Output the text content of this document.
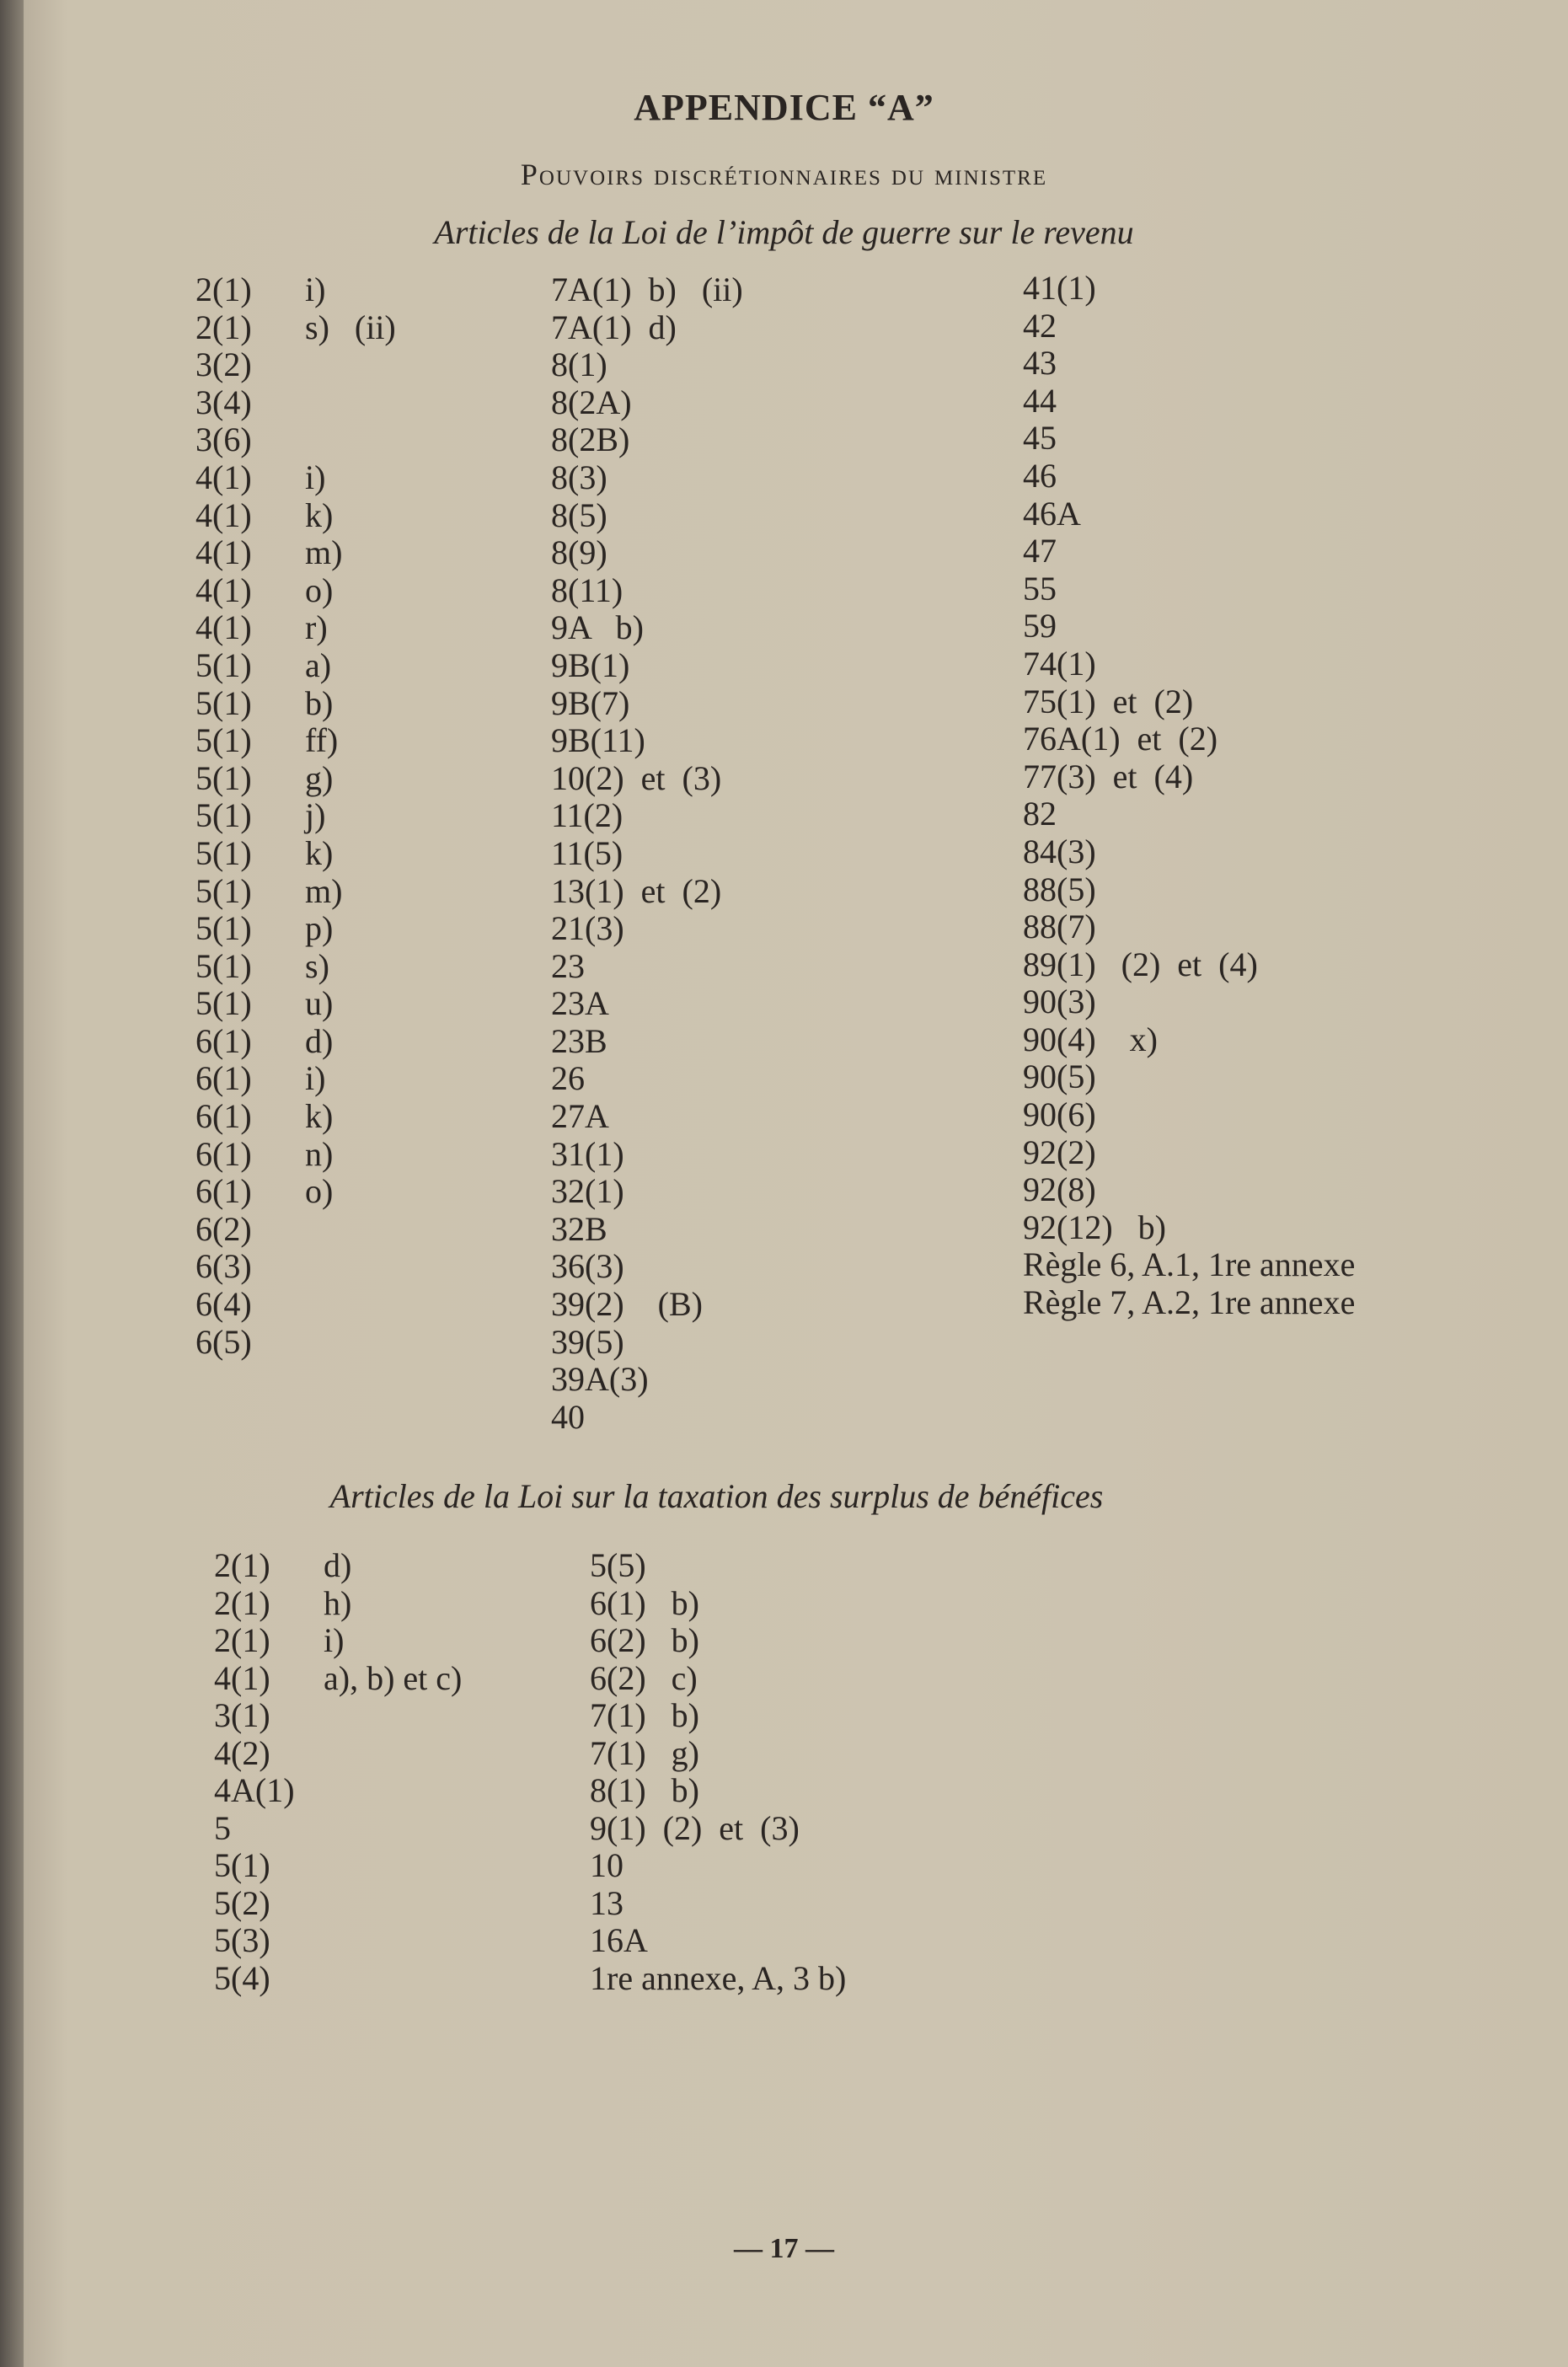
APPENDICE “A”
Pouvoirs discrétionnaires du ministre
Articles de la Loi de l’impôt de guerre sur le revenu
2(1) i)
2(1) s)   (ii)
3(2)
3(4)
3(6)
4(1) i)
4(1) k)
4(1) m)
4(1) o)
4(1) r)
5(1) a)
5(1) b)
5(1) ff)
5(1) g)
5(1) j)
5(1) k)
5(1) m)
5(1) p)
5(1) s)
5(1) u)
6(1) d)
6(1) i)
6(1) k)
6(1) n)
6(1) o)
6(2)
6(3)
6(4)
6(5)
7A(1)  b)   (ii)
7A(1)  d)
8(1)
8(2A)
8(2B)
8(3)
8(5)
8(9)
8(11)
9A   b)
9B(1)
9B(7)
9B(11)
10(2)  et  (3)
11(2)
11(5)
13(1)  et  (2)
21(3)
23
23A
23B
26
27A
31(1)
32(1)
32B
36(3)
39(2)    (B)
39(5)
39A(3)
40
41(1)
42
43
44
45
46
46A
47
55
59
74(1)
75(1)  et  (2)
76A(1)  et  (2)
77(3)  et  (4)
82
84(3)
88(5)
88(7)
89(1)   (2)  et  (4)
90(3)
90(4)    x)
90(5)
90(6)
92(2)
92(8)
92(12)   b)
Règle 6, A.1, 1re annexe
Règle 7, A.2, 1re annexe
Articles de la Loi sur la taxation des surplus de bénéfices
2(1) d)
2(1) h)
2(1) i)
4(1) a), b) et c)
3(1)
4(2)
4A(1)
5
5(1)
5(2)
5(3)
5(4)
5(5)
6(1)   b)
6(2)   b)
6(2)   c)
7(1)   b)
7(1)   g)
8(1)   b)
9(1)  (2)  et  (3)
10
13
16A
1re annexe, A, 3 b)
— 17 —
